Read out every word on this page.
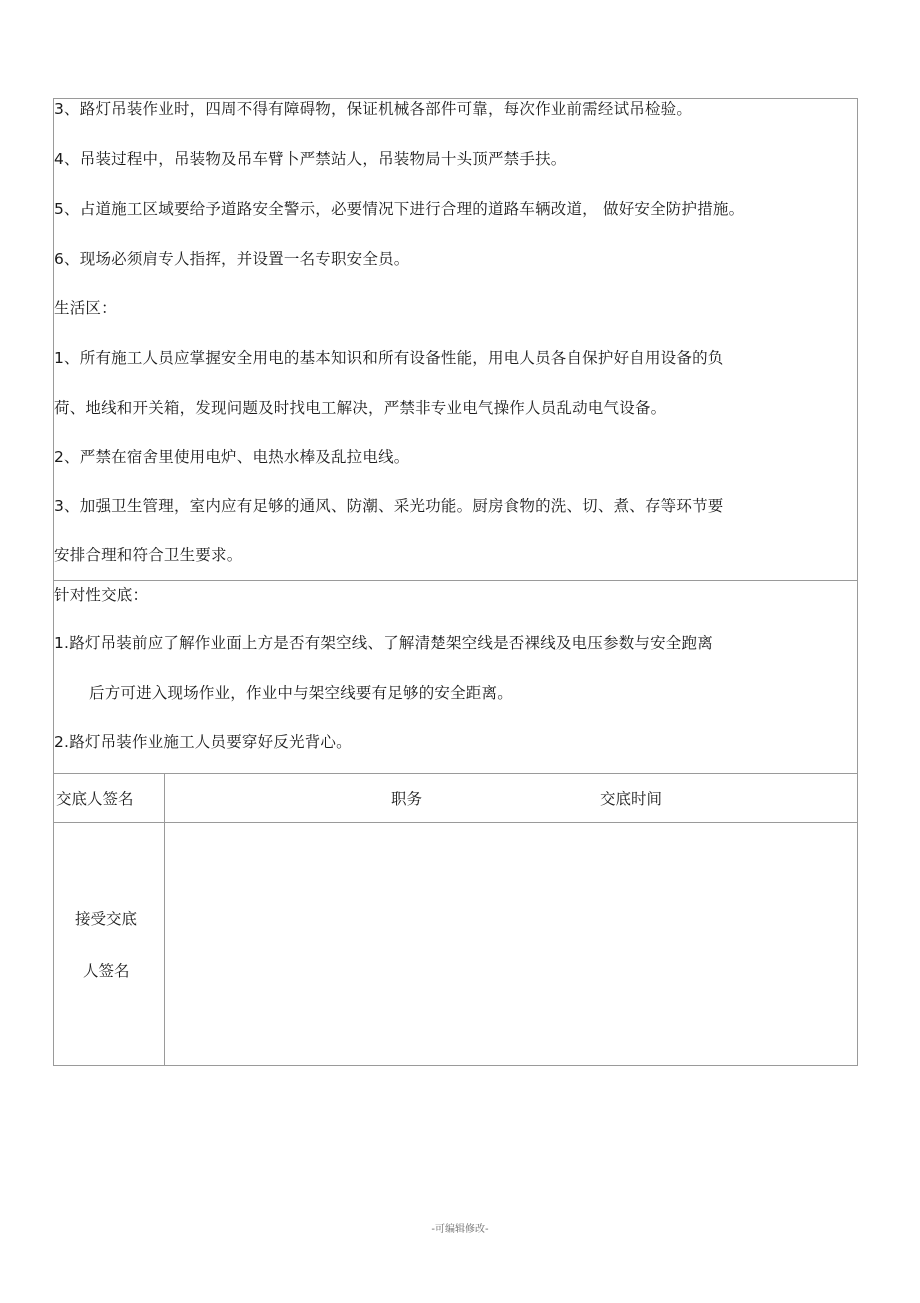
3、路灯吊装作业时，四周不得有障碍物，保证机械各部件可靠，每次作业前需经试吊检验。
4、吊装过程中，吊装物及吊车臂卜严禁站人，吊装物局十头顶严禁手扶。
5、占道施工区域要给予道路安全警示，必要情况下进行合理的道路车辆改道， 做好安全防护措施。
6、现场必须肩专人指挥，并设置一名专职安全员。
生活区：
1、所有施工人员应掌握安全用电的基本知识和所有设备性能，用电人员各自保护好自用设备的负
荷、地线和开关箱，发现问题及时找电工解决，严禁非专业电气操作人员乱动电气设备。
2、严禁在宿舍里使用电炉、电热水棒及乱拉电线。
3、加强卫生管理，室内应有足够的通风、防潮、采光功能。厨房食物的洗、切、煮、存等环节要
安排合理和符合卫生要求。
针对性交底：
1.路灯吊装前应了解作业面上方是否有架空线、了解清楚架空线是否裸线及电压参数与安全跑离
后方可进入现场作业，作业中与架空线要有足够的安全距离。
2.路灯吊装作业施工人员要穿好反光背心。
交底人签名	职务	交底时间
接受交底
人签名
-可编辑修改-
